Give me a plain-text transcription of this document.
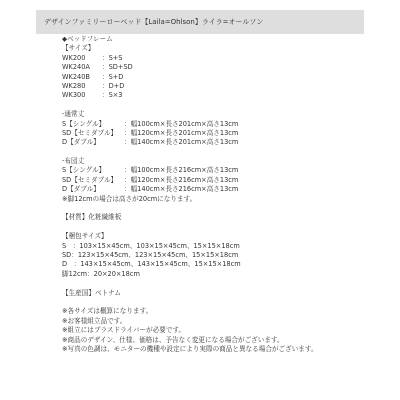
デザインファミリーローベッド【Laila=Ohlson】ライラ=オールソン
◆ベッドフレーム
【サイズ】
WK200	：S+S
WK240A	：SD+SD
WK240B	：S+D
WK280	：D+D
WK300	：S×3
-通常丈
S【シングル】	：幅100cm×長さ201cm×高さ13cm
SD【セミダブル】	：幅120cm×長さ201cm×高さ13cm
D【ダブル】	：幅140cm×長さ201cm×高さ13cm
-布団丈
S【シングル】	：幅100cm×長さ216cm×高さ13cm
SD【セミダブル】	：幅120cm×長さ216cm×高さ13cm
D【ダブル】	：幅140cm×長さ216cm×高さ13cm
※脚12cmの場合は高さが20cmになります。
【材質】化粧繊維板
【梱包サイズ】
S　：103×15×45cm、103×15×45cm、15×15×18cm
SD：123×15×45cm、123×15×45cm、15×15×18cm
D　：143×15×45cm、143×15×45cm、15×15×18cm
脚12cm：20×20×18cm
【生産国】ベトナム
※各サイズは概算になります。
※お客様組立品です。
※組立にはプラスドライバーが必要です。
※商品のデザイン、仕様、価格は、予告なく変更になる場合がございます。
※写真の色調は、モニターの機種や設定により実際の商品と異なる場合がございます。
